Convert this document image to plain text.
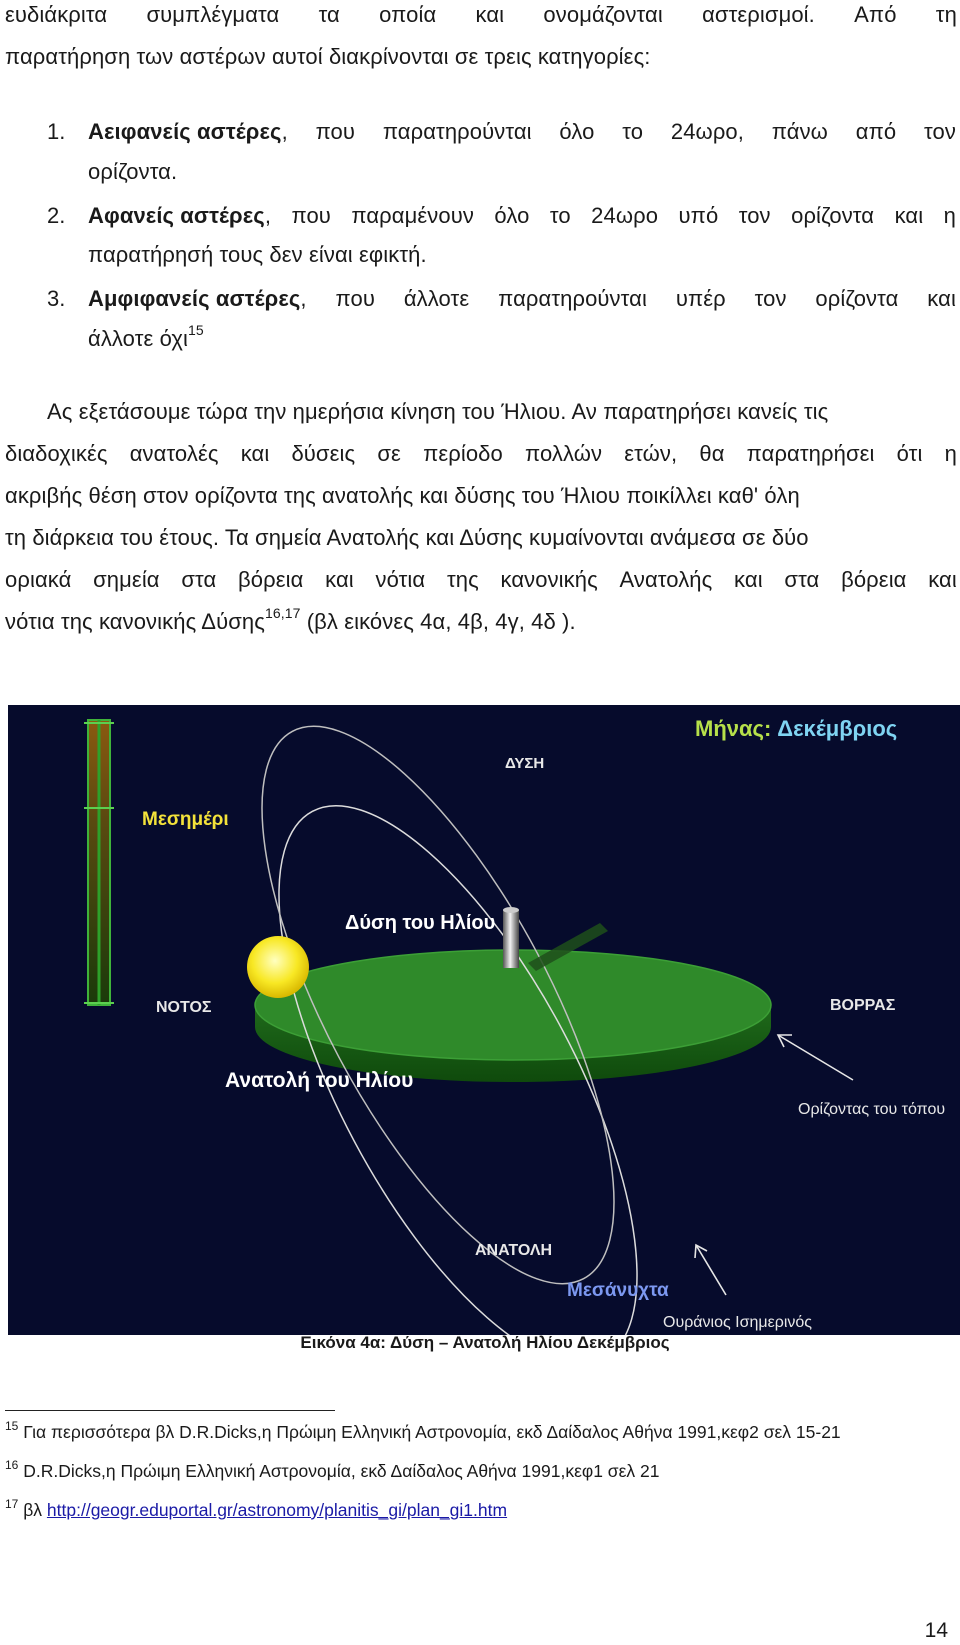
ευδιάκριτα συμπλέγματα τα οποία και ονομάζονται αστερισμοί. Από τη
παρατήρηση των αστέρων αυτοί διακρίνονται σε τρεις κατηγορίες:
1. Αειφανείς αστέρες, που παρατηρούνται όλο το 24ωρο, πάνω από τον
ορίζοντα.
2. Αφανείς αστέρες, που παραμένουν όλο το 24ωρο υπό τον ορίζοντα και η
παρατήρησή τους δεν είναι εφικτή.
3. Αμφιφανείς αστέρες, που άλλοτε παρατηρούνται υπέρ τον ορίζοντα και
άλλοτε όχι$^{15}$
Ας εξετάσουμε τώρα την ημερήσια κίνηση του Ήλιου. Αν παρατηρήσει κανείς τις
διαδοχικές ανατολές και δύσεις σε περίοδο πολλών ετών, θα παρατηρήσει ότι η
ακριβής θέση στον ορίζοντα της ανατολής και δύσης του Ήλιου ποικίλλει καθ' όλη
τη διάρκεια του έτους. Τα σημεία Ανατολής και Δύσης κυμαίνονται ανάμεσα σε δύο
οριακά σημεία στα βόρεια και νότια της κανονικής Ανατολής και στα βόρεια και
νότια της κανονικής Δύσης$^{16,17}$ (βλ εικόνες 4α, 4β, 4γ, 4δ ).
Μήνας: Δεκέμβριος
ΔΥΣΗ
Μεσημέρι
Δύση του Ηλίου
ΝΟΤΟΣ	ΒΟΡΡΑΣ
Ανατολή του Ηλίου
Ορίζοντας του τόπου
ΑΝΑΤΟΛΗ
Μεσάνυχτα
Ουράνιος Ισημερινός
Εικόνα 4α: Δύση – Ανατολή Ηλίου Δεκέμβριος
$^{15}$ Για περισσότερα βλ D.R.Dicks,η Πρώιμη Ελληνική Αστρονομία, εκδ Δαίδαλος Αθήνα 1991,κεφ2 σελ 15-21
$^{16}$ D.R.Dicks,η Πρώιμη Ελληνική Αστρονομία, εκδ Δαίδαλος Αθήνα 1991,κεφ1 σελ 21
$^{17}$ βλ http://geogr.eduportal.gr/astronomy/planitis_gi/plan_gi1.htm
14
